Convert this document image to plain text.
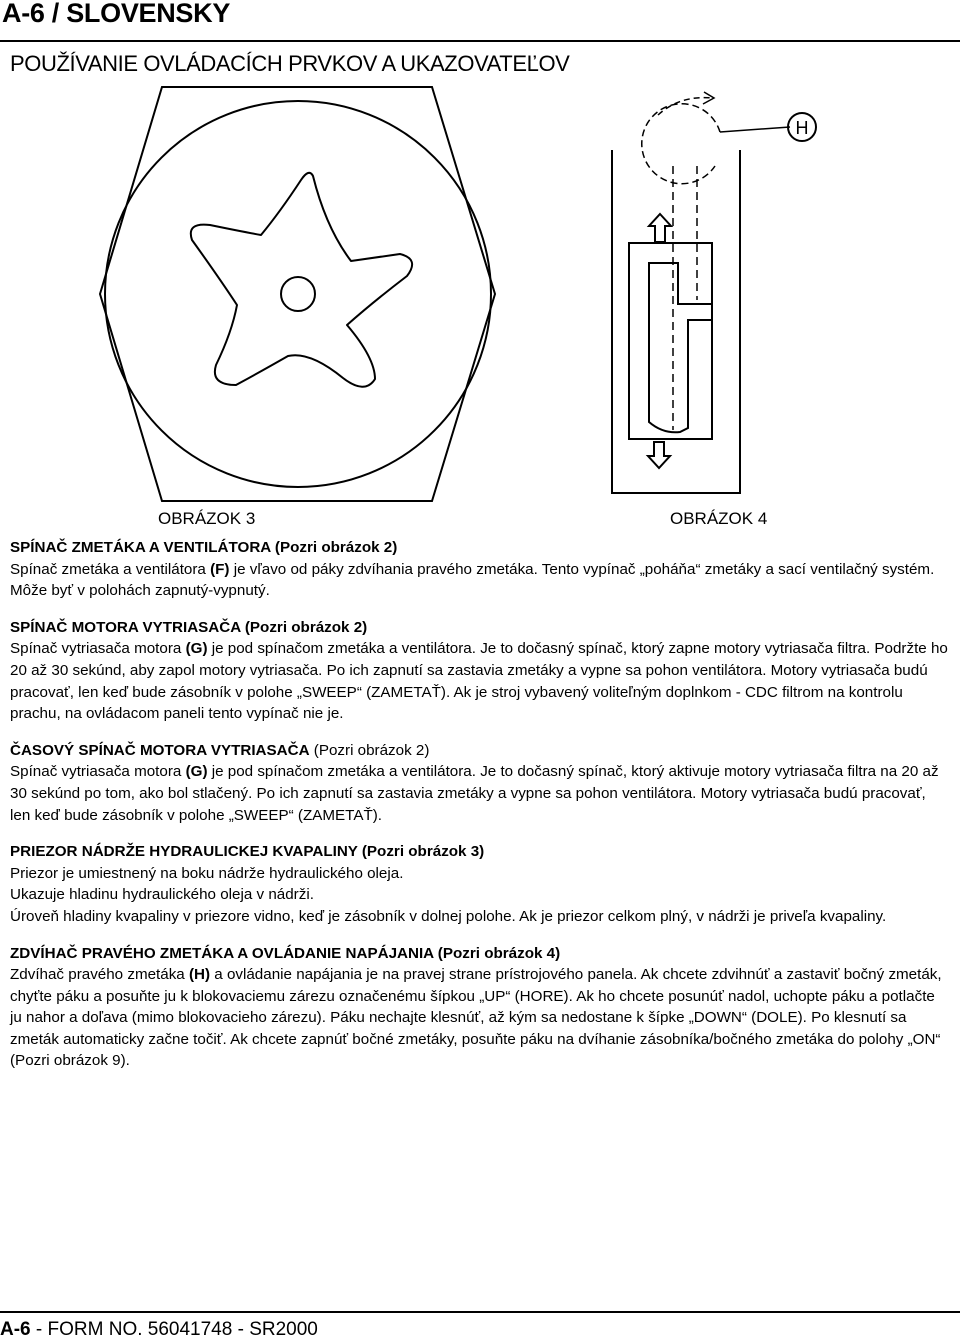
A-6 / SLOVENSKY
POUŽÍVANIE OVLÁDACÍCH PRVKOV A UKAZOVATEĽOV
H
OBRÁZOK 3	OBRÁZOK 4
SPÍNAČ ZMETÁKA A VENTILÁTORA (Pozri obrázok 2)

Spínač zmetáka a ventilátora (F) je vľavo od páky zdvíhania pravého zmetáka. Tento vypínač „poháňa“ zmetáky a sací ventilačný systém. Môže byť v polohách zapnutý-vypnutý.

SPÍNAČ MOTORA VYTRIASAČA (Pozri obrázok 2)

Spínač vytriasača motora (G) je pod spínačom zmetáka a ventilátora. Je to dočasný spínač, ktorý zapne motory vytriasača filtra. Podržte ho 20 až 30 sekúnd, aby zapol motory vytriasača. Po ich zapnutí sa zastavia zmetáky a vypne sa pohon ventilátora. Motory vytriasača budú pracovať, len keď bude zásobník v polohe „SWEEP“ (ZAMETAŤ). Ak je stroj vybavený voliteľným doplnkom - CDC filtrom na kontrolu prachu, na ovládacom paneli tento vypínač nie je.

ČASOVÝ SPÍNAČ MOTORA VYTRIASAČA (Pozri obrázok 2)

Spínač vytriasača motora (G) je pod spínačom zmetáka a ventilátora. Je to dočasný spínač, ktorý aktivuje motory vytriasača filtra na 20 až 30 sekúnd po tom, ako bol stlačený. Po ich zapnutí sa zastavia zmetáky a vypne sa pohon ventilátora. Motory vytriasača budú pracovať, len keď bude zásobník v polohe „SWEEP“ (ZAMETAŤ).

PRIEZOR NÁDRŽE HYDRAULICKEJ KVAPALINY (Pozri obrázok 3)

Priezor je umiestnený na boku nádrže hydraulického oleja.

Ukazuje hladinu hydraulického oleja v nádrži.

Úroveň hladiny kvapaliny v priezore vidno, keď je zásobník v dolnej polohe. Ak je priezor celkom plný, v nádrži je priveľa kvapaliny.

ZDVÍHAČ PRAVÉHO ZMETÁKA A OVLÁDANIE NAPÁJANIA (Pozri obrázok 4)

Zdvíhač pravého zmetáka (H) a ovládanie napájania je na pravej strane prístrojového panela. Ak chcete zdvihnúť a zastaviť bočný zmeták, chyťte páku a posuňte ju k blokovaciemu zárezu označenému šípkou „UP“ (HORE). Ak ho chcete posunúť nadol, uchopte páku a potlačte ju nahor a doľava (mimo blokovacieho zárezu). Páku nechajte klesnúť, až kým sa nedostane k šípke „DOWN“ (DOLE). Po klesnutí sa zmeták automaticky začne točiť. Ak chcete zapnúť bočné zmetáky, posuňte páku na dvíhanie zásobníka/bočného zmetáka do polohy „ON“ (Pozri obrázok 9).

A-6 - FORM NO. 56041748 - SR2000
